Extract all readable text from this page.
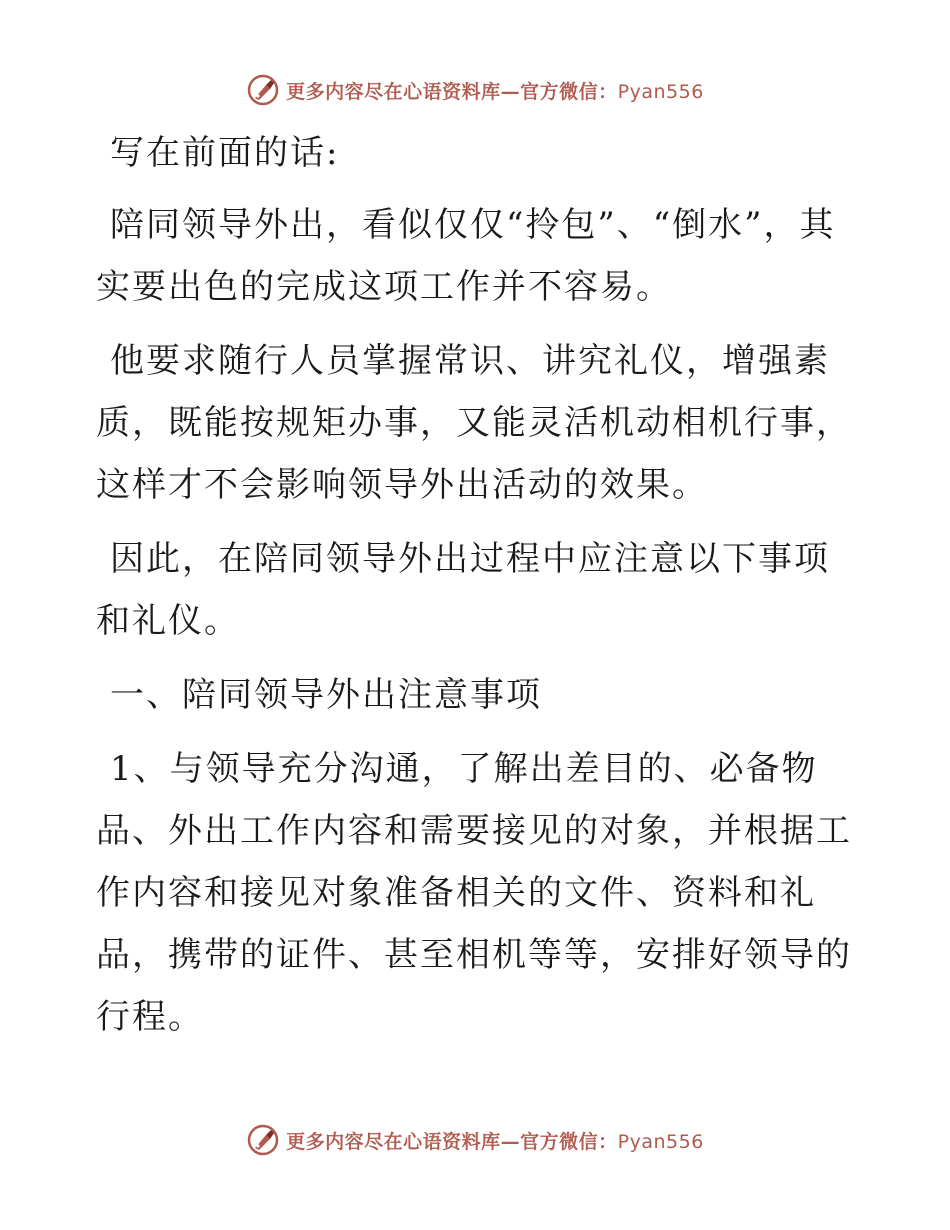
更多内容尽在心语资料库—官方微信：Pyan556

写在前面的话:

陪同领导外出，看似仅仅“拎包”、“倒水”，其实要出色的完成这项工作并不容易。

他要求随行人员掌握常识、讲究礼仪，增强素质，既能按规矩办事，又能灵活机动相机行事，这样才不会影响领导外出活动的效果。

因此，在陪同领导外出过程中应注意以下事项和礼仪。

一、陪同领导外出注意事项

1、与领导充分沟通，了解出差目的、必备物品、外出工作内容和需要接见的对象，并根据工作内容和接见对象准备相关的文件、资料和礼品，携带的证件、甚至相机等等，安排好领导的行程。

更多内容尽在心语资料库—官方微信：Pyan556
